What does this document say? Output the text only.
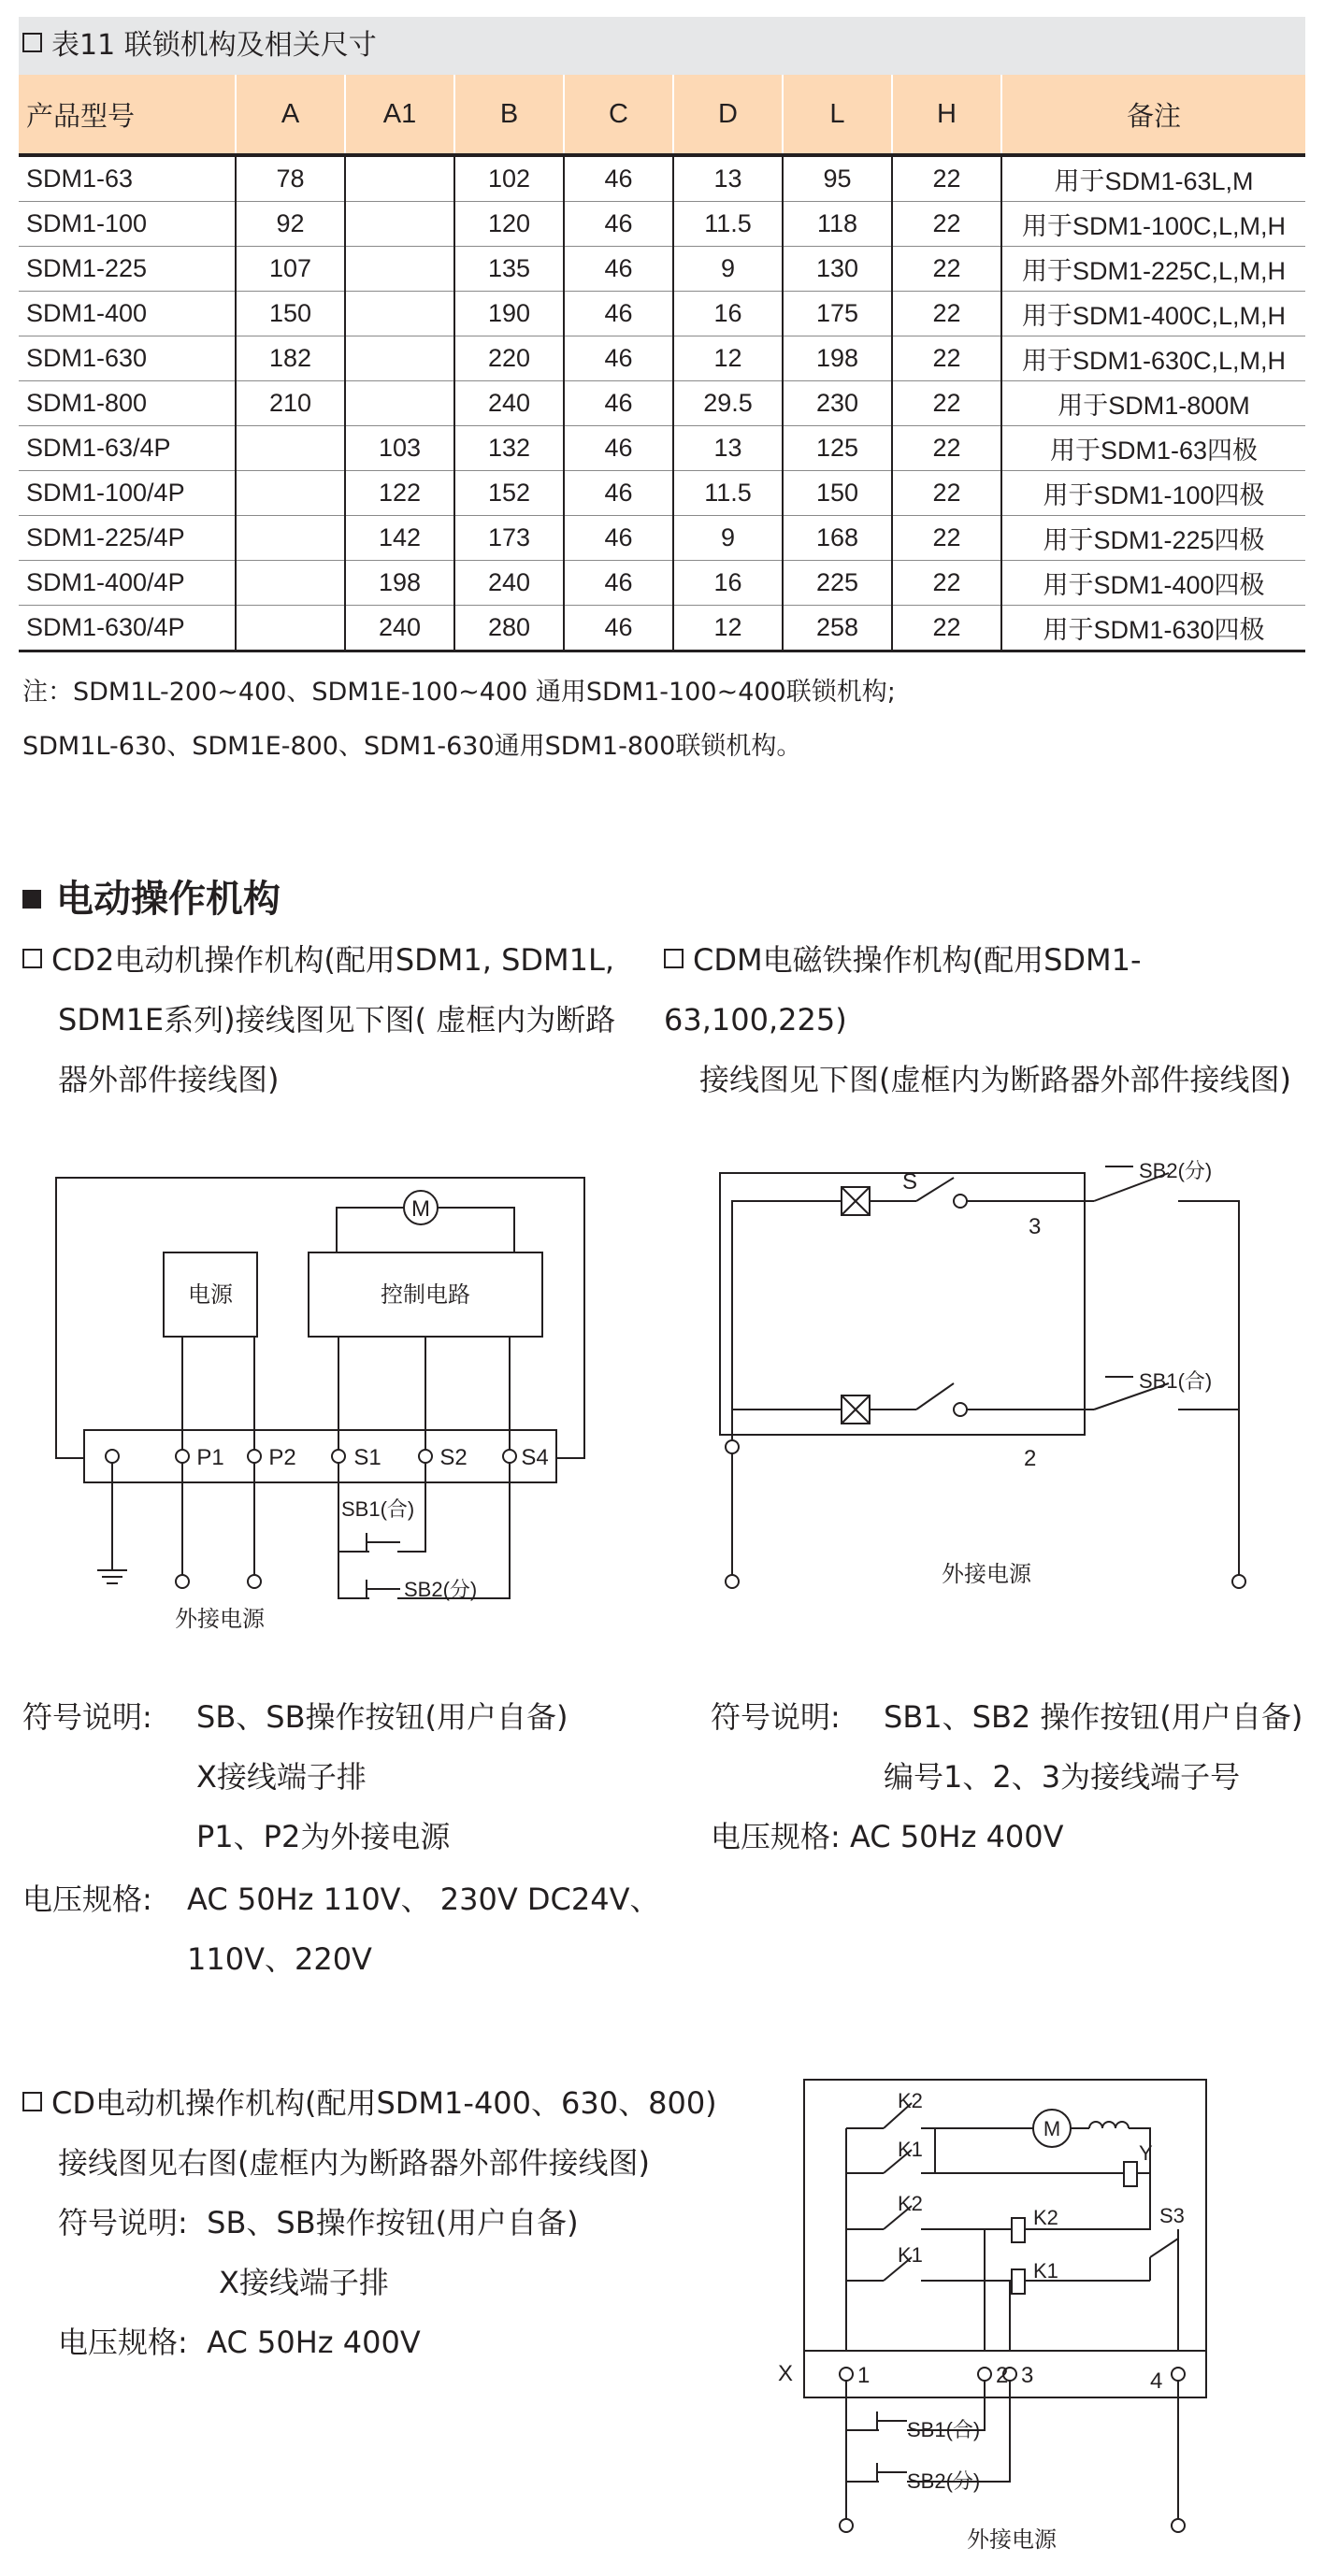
表11 联锁机构及相关尺寸
产品型号	A	A1	B	C	D	L	H	备注
SDM1-63	78		102	46	13	95	22	用于SDM1-63L,M
SDM1-100	92		120	46	11.5	118	22	用于SDM1-100C,L,M,H
SDM1-225	107		135	46	9	130	22	用于SDM1-225C,L,M,H
SDM1-400	150		190	46	16	175	22	用于SDM1-400C,L,M,H
SDM1-630	182		220	46	12	198	22	用于SDM1-630C,L,M,H
SDM1-800	210		240	46	29.5	230	22	用于SDM1-800M
SDM1-63/4P		103	132	46	13	125	22	用于SDM1-63四极
SDM1-100/4P		122	152	46	11.5	150	22	用于SDM1-100四极
SDM1-225/4P		142	173	46	9	168	22	用于SDM1-225四极
SDM1-400/4P		198	240	46	16	225	22	用于SDM1-400四极
SDM1-630/4P		240	280	46	12	258	22	用于SDM1-630四极
注：SDM1L-200~400、SDM1E-100~400 通用SDM1-100~400联锁机构;
SDM1L-630、SDM1E-800、SDM1-630通用SDM1-800联锁机构。
电动操作机构
CD2电动机操作机构(配用SDM1, SDM1L,
SDM1E系列)接线图见下图( 虚框内为断路
器外部件接线图)
CDM电磁铁操作机构(配用SDM1-63,100,225)
接线图见下图(虚框内为断路器外部件接线图)
M
电源	控制电路
P1 P2	S1	S2 S4
SB1(合)
SB2(分)
外接电源
S
3
2
SB2(分)
SB1(合)
外接电源
符号说明: SB、SB操作按钮(用户自备)
X接线端子排
P1、P2为外接电源
电压规格: AC 50Hz 110V、 230V DC24V、
110V、220V
符号说明: SB1、SB2 操作按钮(用户自备)
编号1、2、3为接线端子号
电压规格: AC 50Hz 400V
CD电动机操作机构(配用SDM1-400、630、800)
接线图见右图(虚框内为断路器外部件接线图)
符号说明: SB、SB操作按钮(用户自备)
X接线端子排
电压规格: AC 50Hz 400V
K2
K1
K2
K1
M
Y
K2
K1
S3
X	1	2 3	4
SB1(合)
SB2(分)
外接电源
